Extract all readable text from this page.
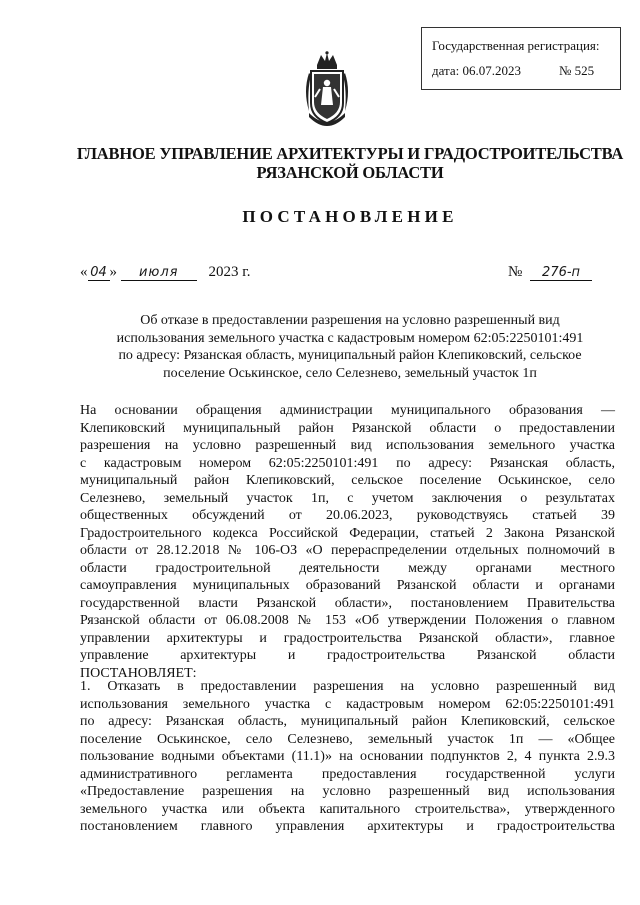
Государственная регистрация:
дата: 06.07.2023	№ 525
ГЛАВНОЕ УПРАВЛЕНИЕ АРХИТЕКТУРЫ И ГРАДОСТРОИТЕЛЬСТВА
РЯЗАНСКОЙ ОБЛАСТИ
ПОСТАНОВЛЕНИЕ
« 04 » июля 2023 г.	№ 276-п
Об отказе в предоставлении разрешения на условно разрешенный вид
использования земельного участка с кадастровым номером 62:05:2250101:491
по адресу: Рязанская область, муниципальный район Клепиковский, сельское
поселение Оськинское, село Селезнево, земельный участок 1п
На основании обращения администрации муниципального образования —
Клепиковский муниципальный район Рязанской области о предоставлении
разрешения на условно разрешенный вид использования земельного участка
с кадастровым номером 62:05:2250101:491 по адресу: Рязанская область,
муниципальный район Клепиковский, сельское поселение Оськинское, село
Селезнево, земельный участок 1п, с учетом заключения о результатах
общественных обсуждений от 20.06.2023, руководствуясь статьей 39
Градостроительного кодекса Российской Федерации, статьей 2 Закона Рязанской
области от 28.12.2018 № 106-ОЗ «О перераспределении отдельных полномочий в
области градостроительной деятельности между органами местного
самоуправления муниципальных образований Рязанской области и органами
государственной власти Рязанской области», постановлением Правительства
Рязанской области от 06.08.2008 № 153 «Об утверждении Положения о главном
управлении архитектуры и градостроительства Рязанской области», главное
управление архитектуры и градостроительства Рязанской области
ПОСТАНОВЛЯЕТ:
1. Отказать в предоставлении разрешения на условно разрешенный вид
использования земельного участка с кадастровым номером 62:05:2250101:491
по адресу: Рязанская область, муниципальный район Клепиковский, сельское
поселение Оськинское, село Селезнево, земельный участок 1п — «Общее
пользование водными объектами (11.1)» на основании подпунктов 2, 4 пункта 2.9.3
административного регламента предоставления государственной услуги
«Предоставление разрешения на условно разрешенный вид использования
земельного участка или объекта капитального строительства», утвержденного
постановлением главного управления архитектуры и градостроительства
